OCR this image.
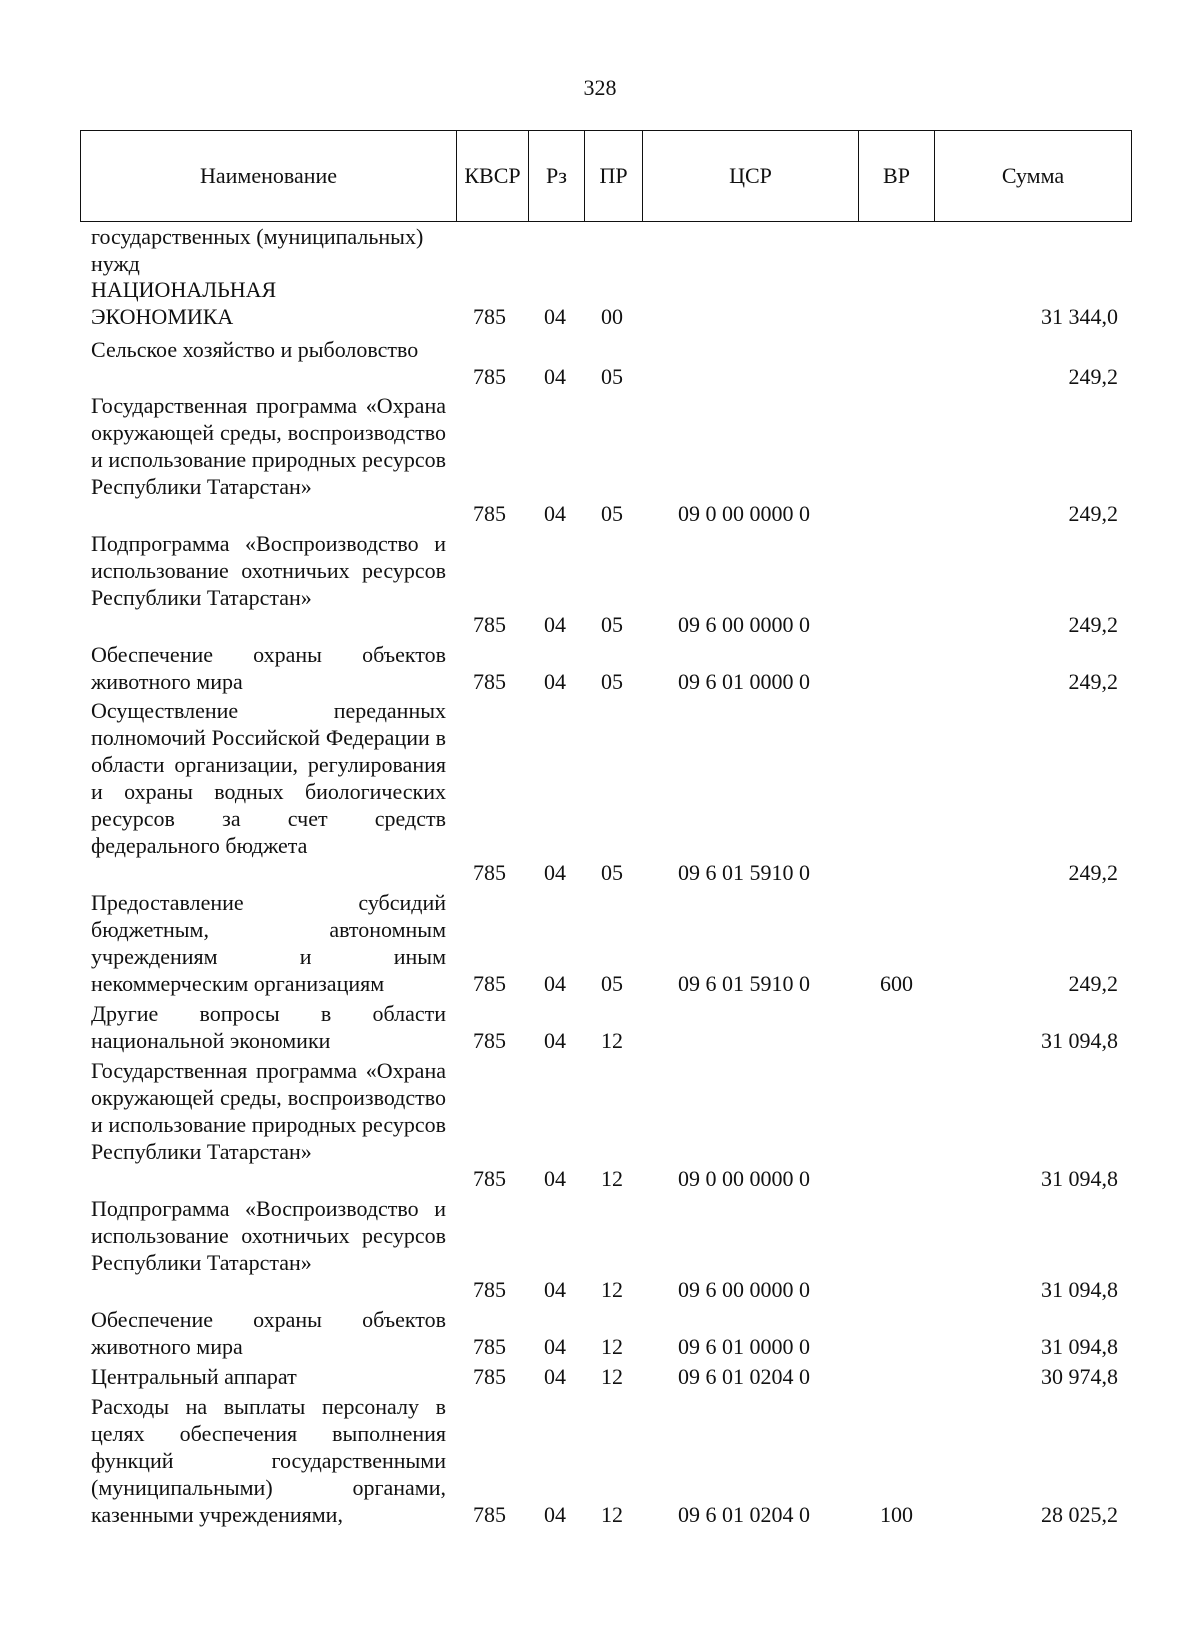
328
Наименование	КВСР	Рз	ПР	ЦСР	ВР	Сумма
государственных (муниципальных) нужд
НАЦИОНАЛЬНАЯ ЭКОНОМИКА	785 04 00	31 344,0
Сельское хозяйство и рыболовство
785 04 05	249,2
Государственная программа «Охрана окружающей среды, воспроизводство и использование природных ресурсов Республики Татарстан»
785 04 05	09 0 00 0000 0	249,2
Подпрограмма «Воспроизводство и использование охотничьих ресурсов Республики Татарстан»
785 04 05	09 6 00 0000 0	249,2
Обеспечение охраны объектов животного мира	785 04 05	09 6 01 0000 0	249,2
Осуществление переданных полномочий Российской Федерации в области организации, регулирования и охраны водных биологических ресурсов за счет средств федерального бюджета
785 04 05	09 6 01 5910 0	249,2
Предоставление субсидий бюджетным, автономным учреждениям и иным некоммерческим организациям	785 04 05	09 6 01 5910 0	600	249,2
Другие вопросы в области национальной экономики	785 04 12	31 094,8
Государственная программа «Охрана окружающей среды, воспроизводство и использование природных ресурсов Республики Татарстан»
785 04 12	09 0 00 0000 0	31 094,8
Подпрограмма «Воспроизводство и использование охотничьих ресурсов Республики Татарстан»
785 04 12	09 6 00 0000 0	31 094,8
Обеспечение охраны объектов животного мира	785 04 12	09 6 01 0000 0	31 094,8
Центральный аппарат	785 04 12	09 6 01 0204 0	30 974,8
Расходы на выплаты персоналу в целях обеспечения выполнения функций государственными (муниципальными) органами, казенными учреждениями,	785 04 12	09 6 01 0204 0	100	28 025,2
